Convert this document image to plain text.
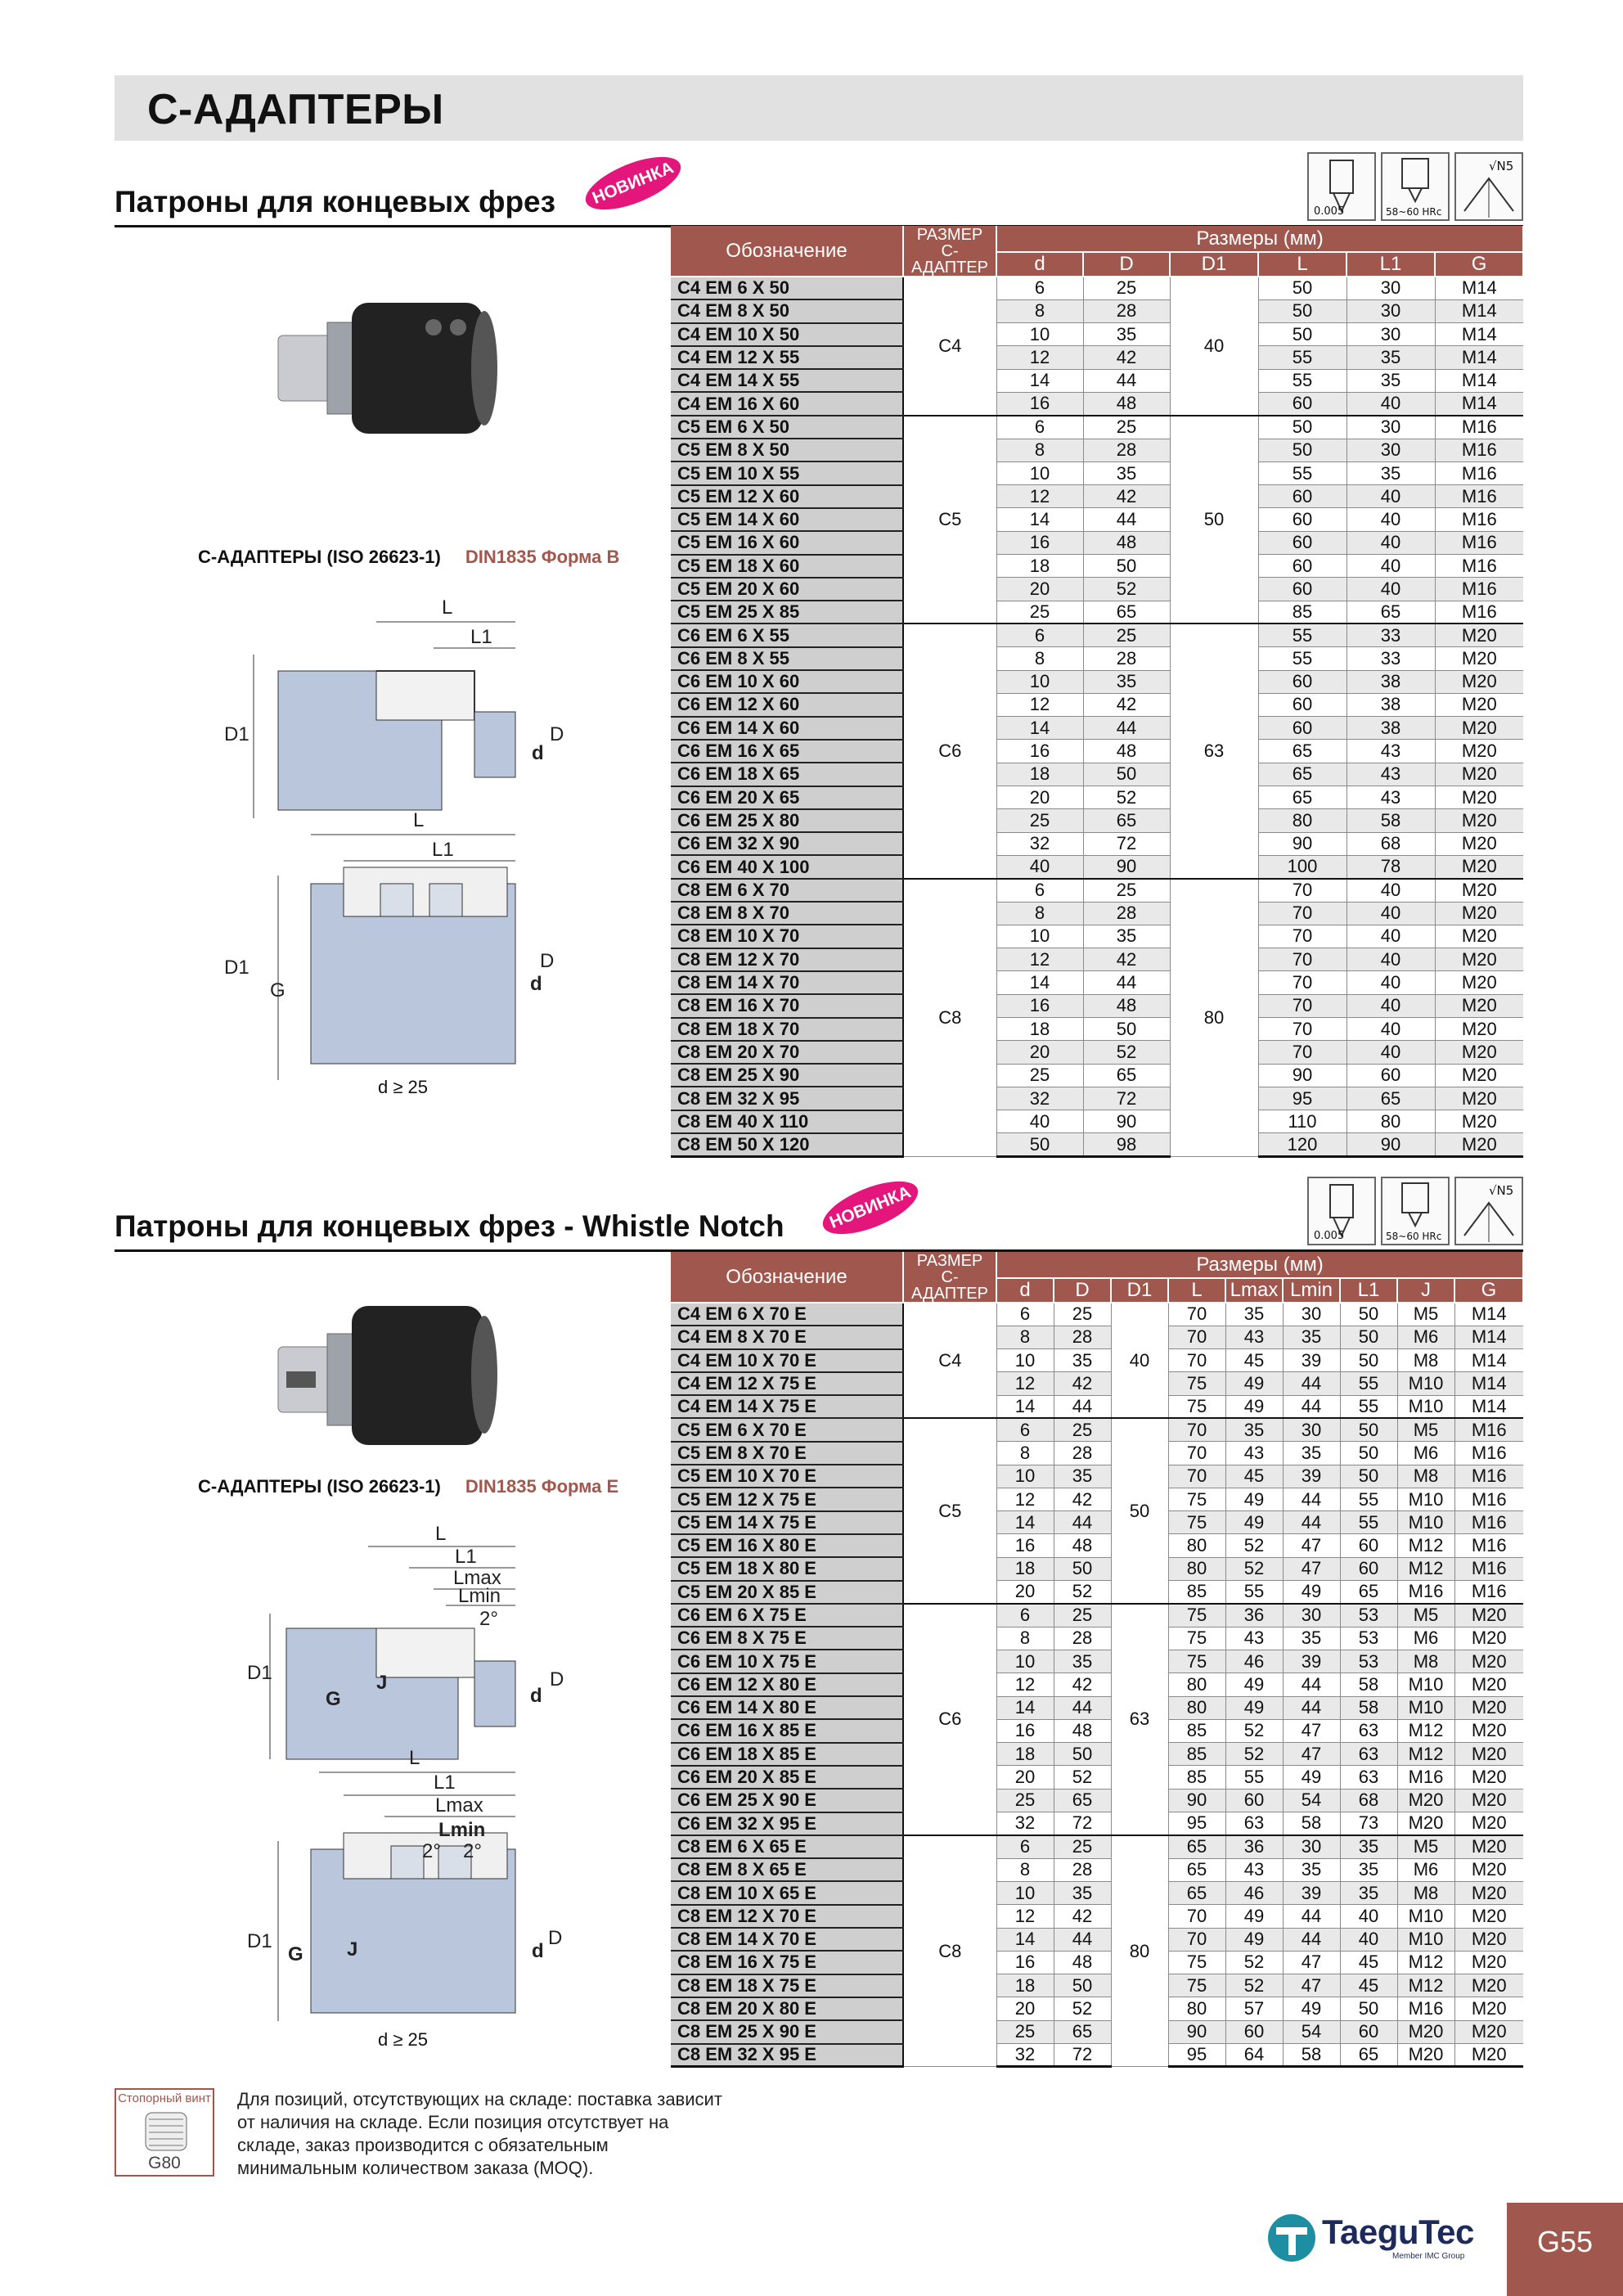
С-АДАПТЕРЫ
Патроны для концевых фрез	НОВИНКА
0.005	58~60 HRc
√N5
С-АДАПТЕРЫ (ISO 26623-1) DIN1835 Форма B
L
L1
D1	D
d
L
L1
D1
G
D
d
d ≥ 25
Обозначение	РАЗМЕР
С-АДАПТЕР	Размеры (мм)					
		d	D	D1	L	L1	G
C4 EM 6 X 50	C4	6	25	40	50	30	M14
C4 EM 8 X 50		8	28		50	30	M14
C4 EM 10 X 50		10	35		50	30	M14
C4 EM 12 X 55		12	42		55	35	M14
C4 EM 14 X 55		14	44		55	35	M14
C4 EM 16 X 60		16	48		60	40	M14
C5 EM 6 X 50	C5	6	25	50	50	30	M16
C5 EM 8 X 50		8	28		50	30	M16
C5 EM 10 X 55		10	35		55	35	M16
C5 EM 12 X 60		12	42		60	40	M16
C5 EM 14 X 60		14	44		60	40	M16
C5 EM 16 X 60		16	48		60	40	M16
C5 EM 18 X 60		18	50		60	40	M16
C5 EM 20 X 60		20	52		60	40	M16
C5 EM 25 X 85		25	65		85	65	M16
C6 EM 6 X 55	C6	6	25	63	55	33	M20
C6 EM 8 X 55		8	28		55	33	M20
C6 EM 10 X 60		10	35		60	38	M20
C6 EM 12 X 60		12	42		60	38	M20
C6 EM 14 X 60		14	44		60	38	M20
C6 EM 16 X 65		16	48		65	43	M20
C6 EM 18 X 65		18	50		65	43	M20
C6 EM 20 X 65		20	52		65	43	M20
C6 EM 25 X 80		25	65		80	58	M20
C6 EM 32 X 90		32	72		90	68	M20
C6 EM 40 X 100		40	90		100	78	M20
C8 EM 6 X 70	C8	6	25	80	70	40	M20
C8 EM 8 X 70		8	28		70	40	M20
C8 EM 10 X 70		10	35		70	40	M20
C8 EM 12 X 70		12	42		70	40	M20
C8 EM 14 X 70		14	44		70	40	M20
C8 EM 16 X 70		16	48		70	40	M20
C8 EM 18 X 70		18	50		70	40	M20
C8 EM 20 X 70		20	52		70	40	M20
C8 EM 25 X 90		25	65		90	60	M20
C8 EM 32 X 95		32	72		95	65	M20
C8 EM 40 X 110		40	90		110	80	M20
C8 EM 50 X 120		50	98		120	90	M20
Патроны для концевых фрез - Whistle Notch	НОВИНКА
0.005	58~60 HRc
√N5
С-АДАПТЕРЫ (ISO 26623-1) DIN1835 Форма E
L
L1
Lmax
Lmin
2°
D1
G
J	D
d
L
L1
Lmax
Lmin
2° 2°
D1
G J
D
d
d ≥ 25
Обозначение	РАЗМЕР
С-АДАПТЕР	Размеры (мм)								
		d	D	D1	L	Lmax	Lmin	L1	J	G
C4 EM 6 X 70 E	C4	6	25	40	70	35	30	50	M5	M14
C4 EM 8 X 70 E		8	28		70	43	35	50	M6	M14
C4 EM 10 X 70 E		10	35		70	45	39	50	M8	M14
C4 EM 12 X 75 E		12	42		75	49	44	55	M10	M14
C4 EM 14 X 75 E		14	44		75	49	44	55	M10	M14
C5 EM 6 X 70 E	C5	6	25	50	70	35	30	50	M5	M16
C5 EM 8 X 70 E		8	28		70	43	35	50	M6	M16
C5 EM 10 X 70 E		10	35		70	45	39	50	M8	M16
C5 EM 12 X 75 E		12	42		75	49	44	55	M10	M16
C5 EM 14 X 75 E		14	44		75	49	44	55	M10	M16
C5 EM 16 X 80 E		16	48		80	52	47	60	M12	M16
C5 EM 18 X 80 E		18	50		80	52	47	60	M12	M16
C5 EM 20 X 85 E		20	52		85	55	49	65	M16	M16
C6 EM 6 X 75 E	C6	6	25	63	75	36	30	53	M5	M20
C6 EM 8 X 75 E		8	28		75	43	35	53	M6	M20
C6 EM 10 X 75 E		10	35		75	46	39	53	M8	M20
C6 EM 12 X 80 E		12	42		80	49	44	58	M10	M20
C6 EM 14 X 80 E		14	44		80	49	44	58	M10	M20
C6 EM 16 X 85 E		16	48		85	52	47	63	M12	M20
C6 EM 18 X 85 E		18	50		85	52	47	63	M12	M20
C6 EM 20 X 85 E		20	52		85	55	49	63	M16	M20
C6 EM 25 X 90 E		25	65		90	60	54	68	M20	M20
C6 EM 32 X 95 E		32	72		95	63	58	73	M20	M20
C8 EM 6 X 65 E	C8	6	25	80	65	36	30	35	M5	M20
C8 EM 8 X 65 E		8	28		65	43	35	35	M6	M20
C8 EM 10 X 65 E		10	35		65	46	39	35	M8	M20
C8 EM 12 X 70 E		12	42		70	49	44	40	M10	M20
C8 EM 14 X 70 E		14	44		70	49	44	40	M10	M20
C8 EM 16 X 75 E		16	48		75	52	47	45	M12	M20
C8 EM 18 X 75 E		18	50		75	52	47	45	M12	M20
C8 EM 20 X 80 E		20	52		80	57	49	50	M16	M20
C8 EM 25 X 90 E		25	65		90	60	54	60	M20	M20
C8 EM 32 X 95 E		32	72		95	64	58	65	M20	M20
Стопорный винт
G80
Для позиций, отсутствующих на складе: поставка зависит
от наличия на складе. Если позиция отсутствует на
складе, заказ производится с обязательным
минимальным количеством заказа (MOQ).
TaeguTec
Member IMC Group	G55
